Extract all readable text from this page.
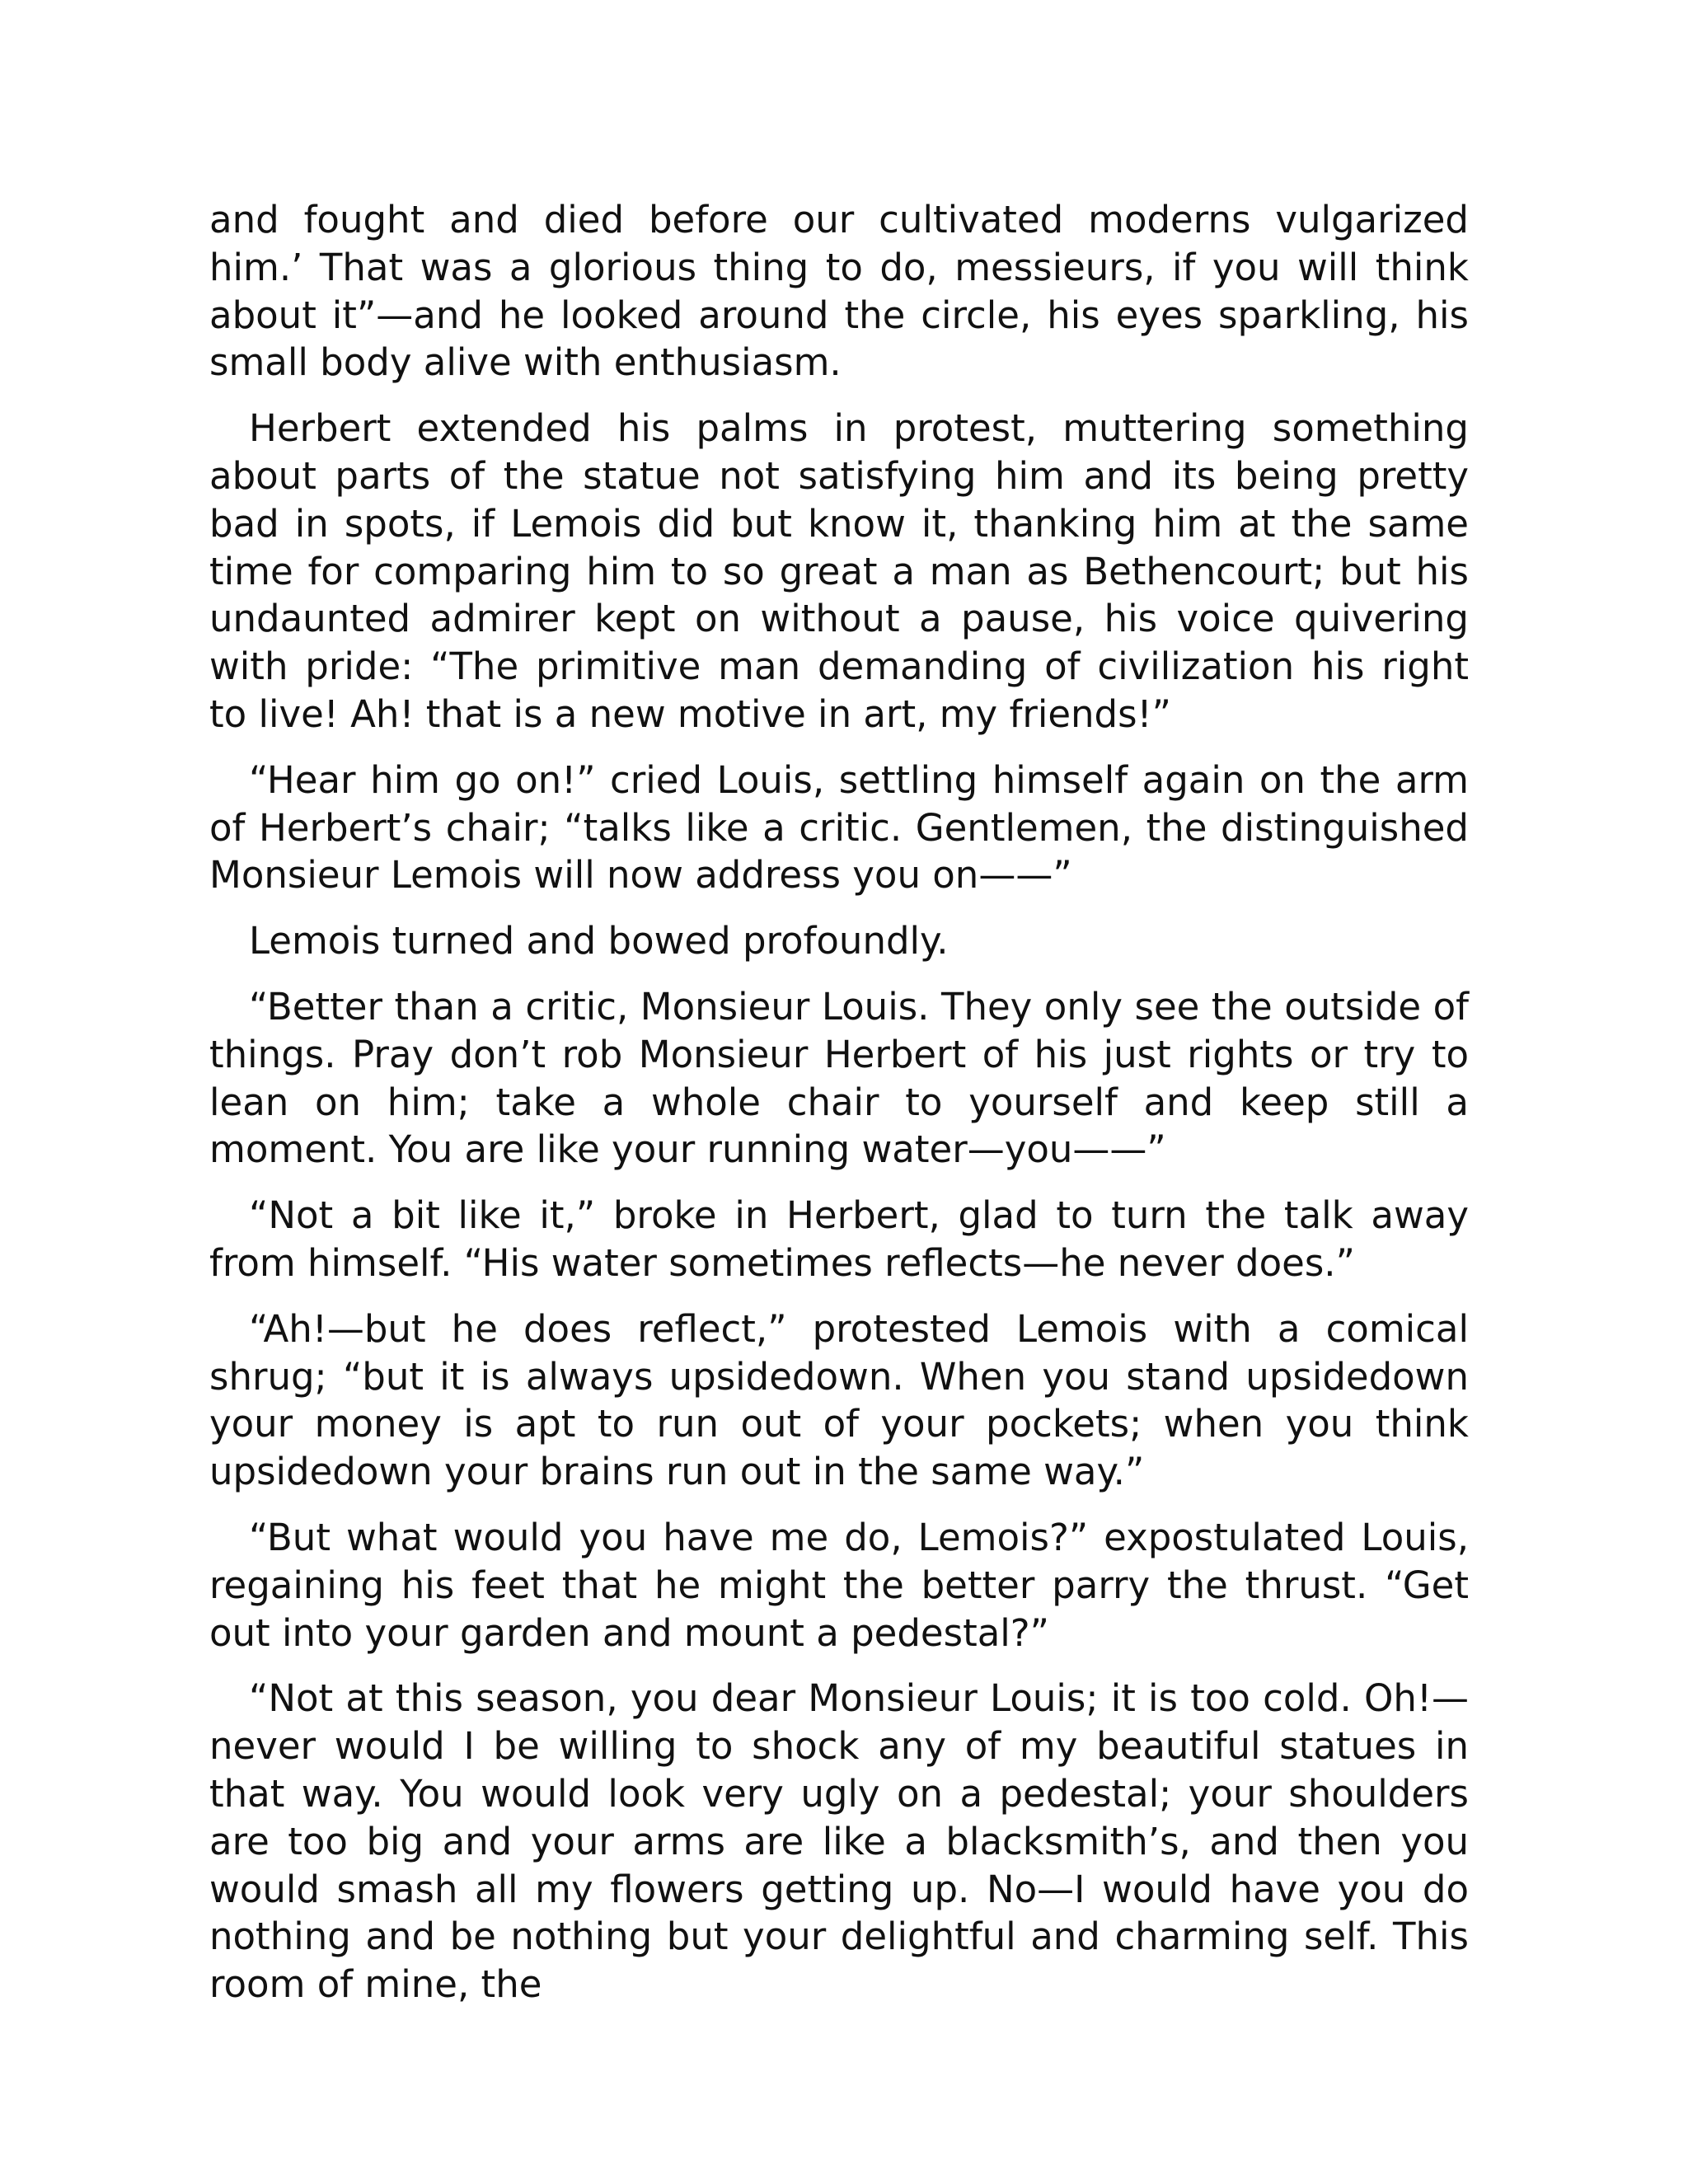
and fought and died before our cultivated moderns vulgarized him.’ That was a glorious thing to do, messieurs, if you will think about it”—and he looked around the circle, his eyes sparkling, his small body alive with enthusiasm.

Herbert extended his palms in protest, muttering something about parts of the statue not satisfying him and its being pretty bad in spots, if Lemois did but know it, thanking him at the same time for comparing him to so great a man as Bethencourt; but his undaunted admirer kept on without a pause, his voice quivering with pride: “The primitive man demanding of civilization his right to live! Ah! that is a new motive in art, my friends!”

“Hear him go on!” cried Louis, settling himself again on the arm of Herbert’s chair; “talks like a critic. Gentlemen, the distinguished Monsieur Lemois will now address you on——”

Lemois turned and bowed profoundly.

“Better than a critic, Monsieur Louis. They only see the outside of things. Pray don’t rob Monsieur Herbert of his just rights or try to lean on him; take a whole chair to yourself and keep still a moment. You are like your running water—you——”

“Not a bit like it,” broke in Herbert, glad to turn the talk away from himself. “His water sometimes reflects—he never does.”

“Ah!—but he does reflect,” protested Lemois with a comical shrug; “but it is always upsidedown. When you stand upsidedown your money is apt to run out of your pockets; when you think upsidedown your brains run out in the same way.”

“But what would you have me do, Lemois?” expostulated Louis, regaining his feet that he might the better parry the thrust. “Get out into your garden and mount a pedestal?”

“Not at this season, you dear Monsieur Louis; it is too cold. Oh!—never would I be willing to shock any of my beautiful statues in that way. You would look very ugly on a pedestal; your shoulders are too big and your arms are like a blacksmith’s, and then you would smash all my flowers getting up. No—I would have you do nothing and be nothing but your delightful and charming self. This room of mine, the
